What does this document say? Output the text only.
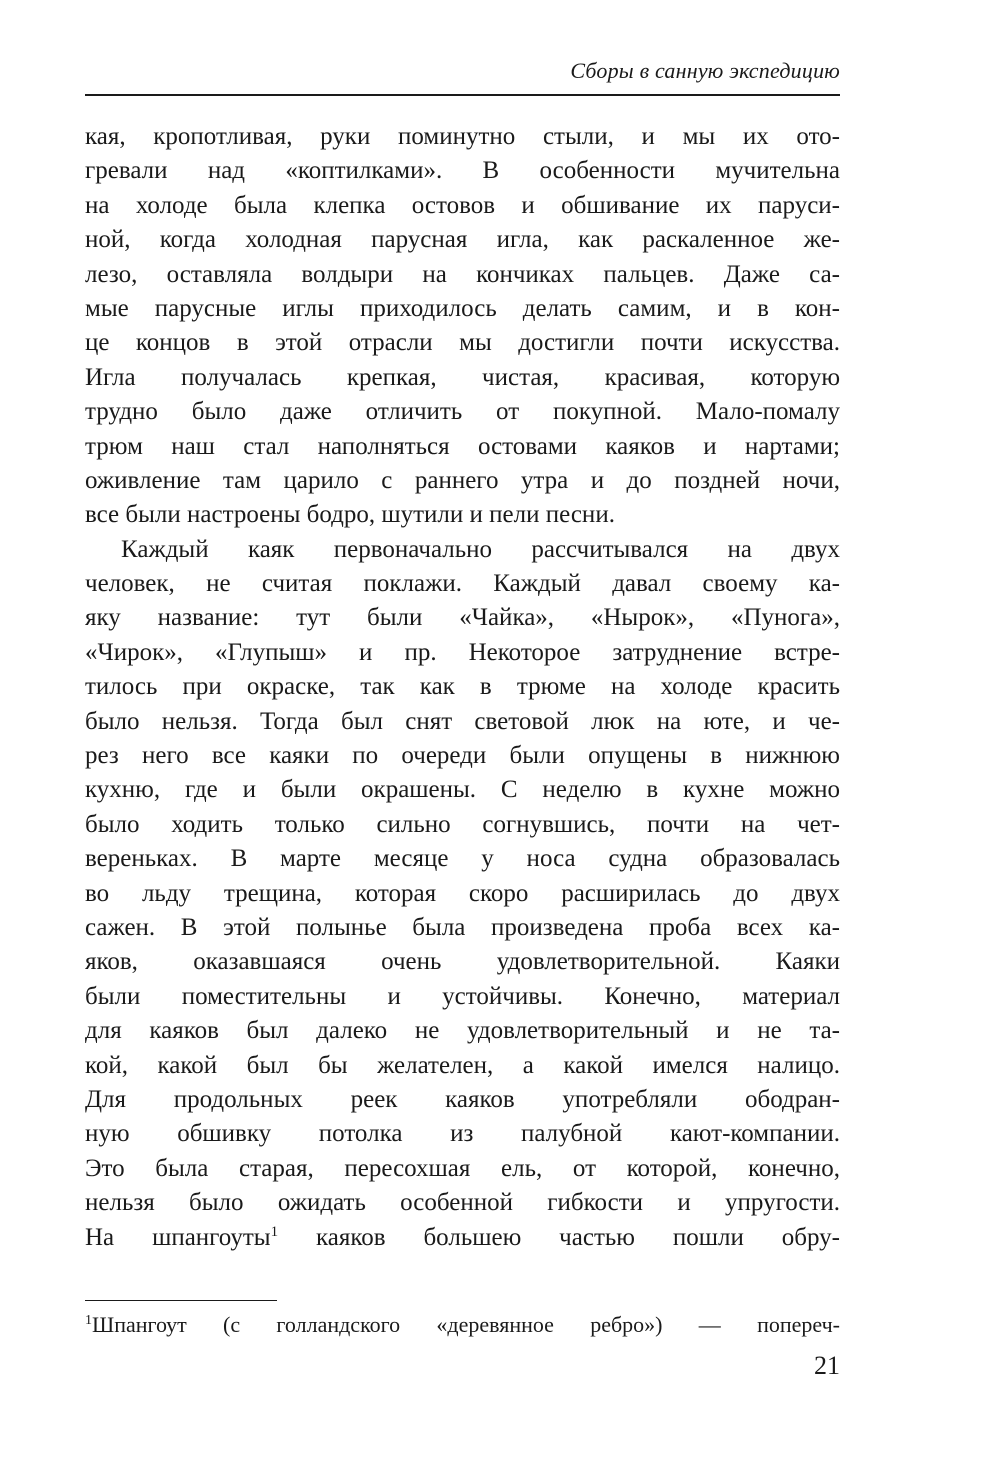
Сборы в санную экспедицию
кая, кропотливая, руки поминутно стыли, и мы их ото-
гревали над «коптилками». В особенности мучительна
на холоде была клепка остовов и обшивание их паруси-
ной, когда холодная парусная игла, как раскаленное же-
лезо, оставляла волдыри на кончиках пальцев. Даже са-
мые парусные иглы приходилось делать самим, и в кон-
це концов в этой отрасли мы достигли почти искусства.
Игла получалась крепкая, чистая, красивая, которую
трудно было даже отличить от покупной. Мало-помалу
трюм наш стал наполняться остовами каяков и нартами;
оживление там царило с раннего утра и до поздней ночи,
все были настроены бодро, шутили и пели песни.
Каждый каяк первоначально рассчитывался на двух
человек, не считая поклажи. Каждый давал своему ка-
яку название: тут были «Чайка», «Нырок», «Пунога»,
«Чирок», «Глупыш» и пр. Некоторое затруднение встре-
тилось при окраске, так как в трюме на холоде красить
было нельзя. Тогда был снят световой люк на юте, и че-
рез него все каяки по очереди были опущены в нижнюю
кухню, где и были окрашены. С неделю в кухне можно
было ходить только сильно согнувшись, почти на чет-
вереньках. В марте месяце у носа судна образовалась
во льду трещина, которая скоро расширилась до двух
сажен. В этой полынье была произведена проба всех ка-
яков, оказавшаяся очень удовлетворительной. Каяки
были поместительны и устойчивы. Конечно, материал
для каяков был далеко не удовлетворительный и не та-
кой, какой был бы желателен, а какой имелся налицо.
Для продольных реек каяков употребляли ободран-
ную обшивку потолка из палубной кают-компании.
Это была старая, пересохшая ель, от которой, конечно,
нельзя было ожидать особенной гибкости и упругости.
На шпангоуты$^1$ каяков большею частью пошли обру-
$^1$Шпангоут (с голландского «деревянное ребро») — попереч-
21
